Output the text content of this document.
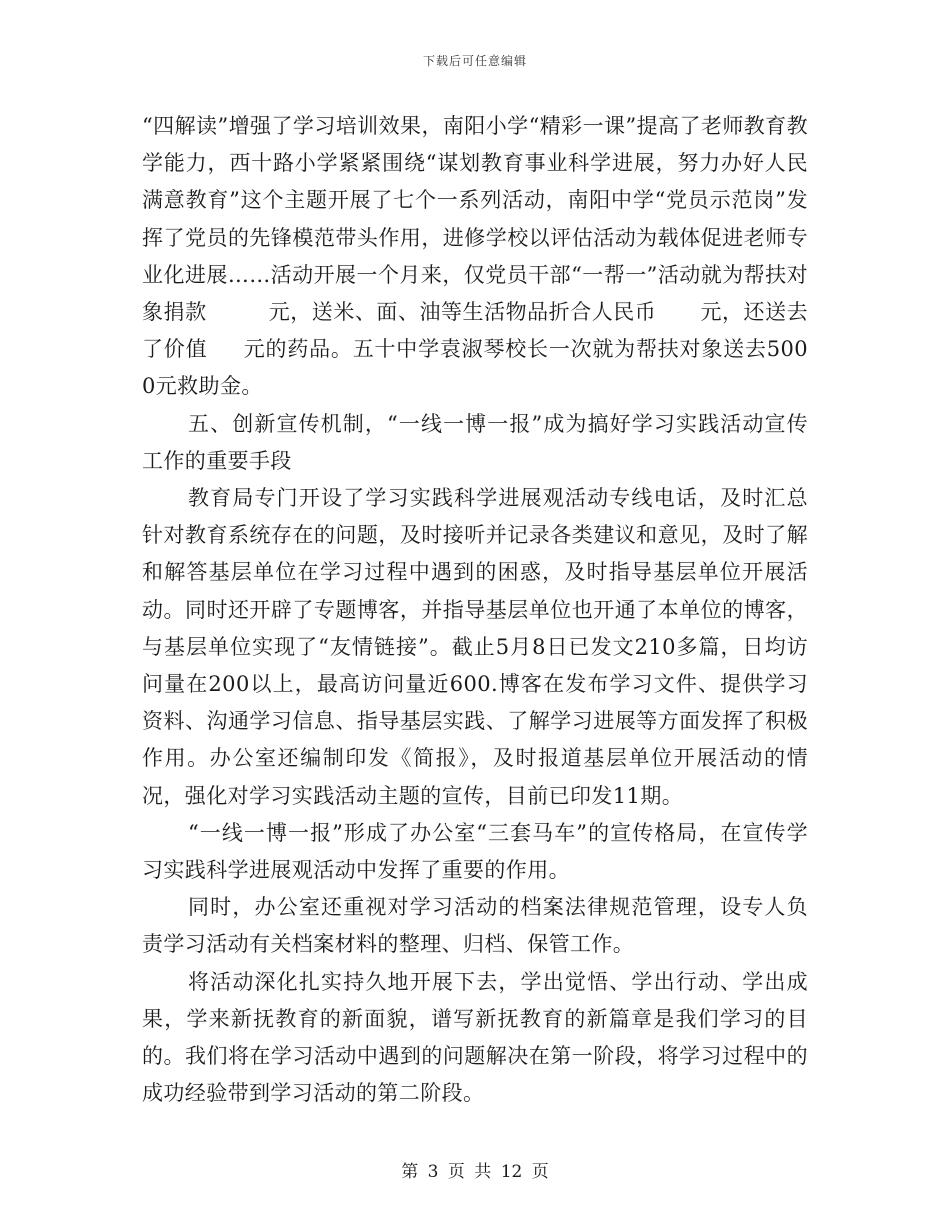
下载后可任意编辑

“四解读”增强了学习培训效果，南阳小学“精彩一课”提高了老师教育教学能力，西十路小学紧紧围绕“谋划教育事业科学进展，努力办好人民满意教育”这个主题开展了七个一系列活动，南阳中学“党员示范岗”发挥了党员的先锋模范带头作用，进修学校以评估活动为载体促进老师专业化进展……活动开展一个月来，仅党员干部“一帮一”活动就为帮扶对象捐款	元，送米、面、油等生活物品折合人民币 元，还送去了价值 元的药品。五十中学袁淑琴校长一次就为帮扶对象送去5000元救助金。

五、创新宣传机制，“一线一博一报”成为搞好学习实践活动宣传工作的重要手段

教育局专门开设了学习实践科学进展观活动专线电话，及时汇总针对教育系统存在的问题，及时接听并记录各类建议和意见，及时了解和解答基层单位在学习过程中遇到的困惑，及时指导基层单位开展活动。同时还开辟了专题博客，并指导基层单位也开通了本单位的博客，与基层单位实现了“友情链接”。截止5月8日已发文210多篇，日均访问量在200以上，最高访问量近600.博客在发布学习文件、提供学习资料、沟通学习信息、指导基层实践、了解学习进展等方面发挥了积极作用。办公室还编制印发《简报》，及时报道基层单位开展活动的情况，强化对学习实践活动主题的宣传，目前已印发11期。

“一线一博一报”形成了办公室“三套马车”的宣传格局，在宣传学习实践科学进展观活动中发挥了重要的作用。

同时，办公室还重视对学习活动的档案法律规范管理，设专人负责学习活动有关档案材料的整理、归档、保管工作。

将活动深化扎实持久地开展下去，学出觉悟、学出行动、学出成果，学来新抚教育的新面貌，谱写新抚教育的新篇章是我们学习的目的。我们将在学习活动中遇到的问题解决在第一阶段，将学习过程中的成功经验带到学习活动的第二阶段。

第 3 页 共 12 页
